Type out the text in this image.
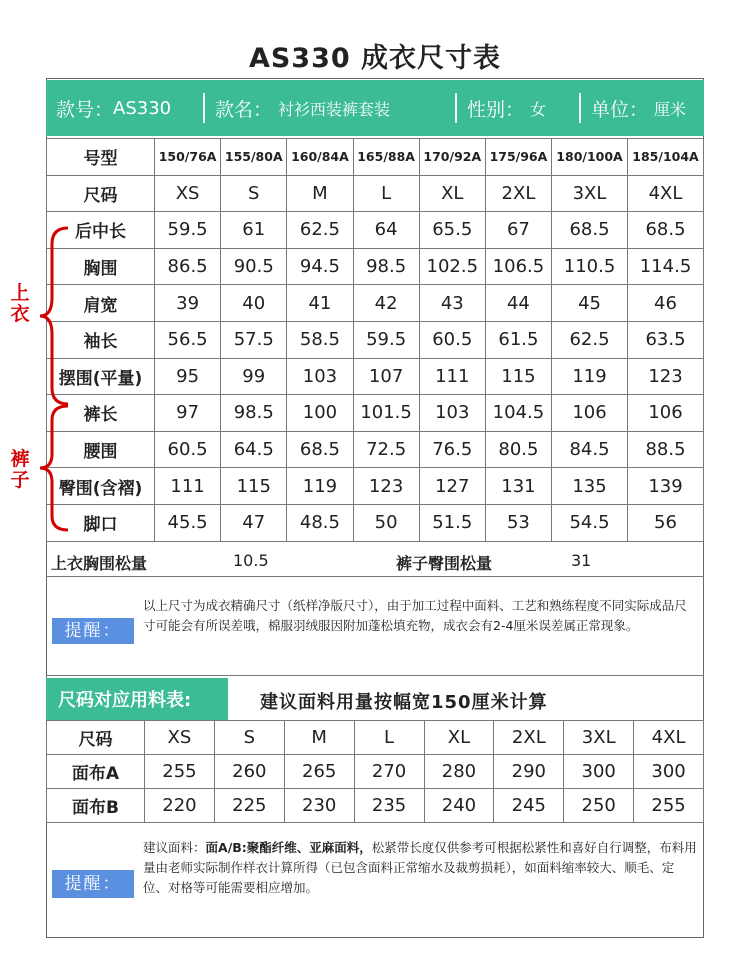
AS330 成衣尺寸表
款号： AS330 款名： 衬衫西装裤套装	性别： 女 单位： 厘米
号型	150/76A	155/80A	160/84A	165/88A	170/92A	175/96A	180/100A	185/104A
尺码	XS	S	M	L	XL	2XL	3XL	4XL
后中长	59.5	61	62.5	64	65.5	67	68.5	68.5
胸围	86.5	90.5	94.5	98.5	102.5	106.5	110.5	114.5
肩宽	39	40	41	42	43	44	45	46
袖长	56.5	57.5	58.5	59.5	60.5	61.5	62.5	63.5
摆围(平量)	95	99	103	107	111	115	119	123
裤长	97	98.5	100	101.5	103	104.5	106	106
腰围	60.5	64.5	68.5	72.5	76.5	80.5	84.5	88.5
臀围(含褶)	111	115	119	123	127	131	135	139
脚口	45.5	47	48.5	50	51.5	53	54.5	56
上衣
裤子
上衣胸围松量	10.5	裤子臀围松量	31
提醒：
以上尺寸为成衣精确尺寸（纸样净版尺寸），由于加工过程中面料、工艺和熟练程度不同实际成品尺寸可能会有所误差哦，棉服羽绒服因附加蓬松填充物，成衣会有2-4厘米误差属正常现象。
尺码对应用料表:	建议面料用量按幅宽150厘米计算
尺码	XS	S	M	L	XL	2XL	3XL	4XL
面布A	255	260	265	270	280	290	300	300
面布B	220	225	230	235	240	245	250	255
提醒：
建议面料：面A/B:聚酯纤维、亚麻面料，松紧带长度仅供参考可根据松紧性和喜好自行调整，布料用量由老师实际制作样衣计算所得（已包含面料正常缩水及裁剪损耗），如面料缩率较大、顺毛、定位、对格等可能需要相应增加。
